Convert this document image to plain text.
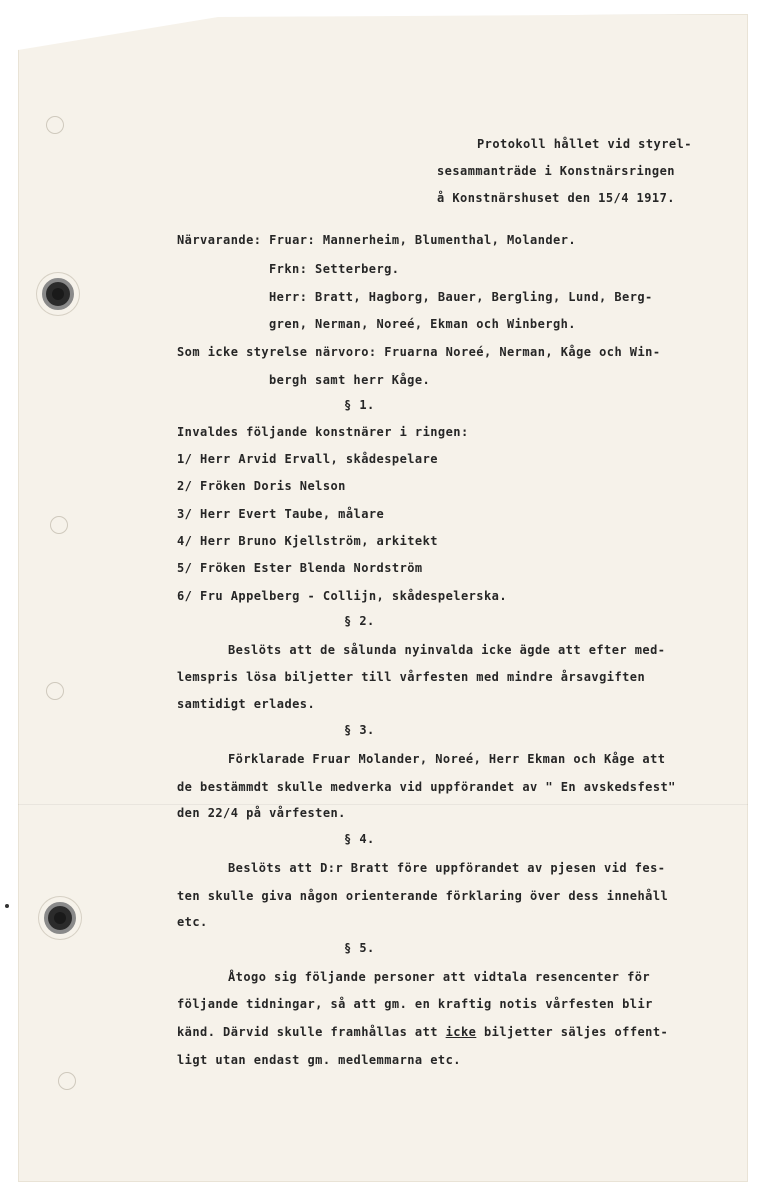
Protokoll hållet vid styrel-
sesammanträde i Konstnärsringen
å Konstnärshuset den 15/4 1917.
Närvarande: Fruar: Mannerheim, Blumenthal, Molander.
Frkn: Setterberg.
Herr: Bratt, Hagborg, Bauer, Bergling, Lund, Berg-
gren, Nerman, Noreé, Ekman och Winbergh.
Som icke styrelse närvoro: Fruarna Noreé, Nerman, Kåge och Win-
bergh samt herr Kåge.
§ 1.
Invaldes följande konstnärer i ringen:
1/ Herr Arvid Ervall, skådespelare
2/ Fröken Doris Nelson
3/ Herr Evert Taube, målare
4/ Herr Bruno Kjellström, arkitekt
5/ Fröken Ester Blenda Nordström
6/ Fru Appelberg - Collijn, skådespelerska.
§ 2.
Beslöts att de sålunda nyinvalda icke ägde att efter med-
lemspris lösa biljetter till vårfesten med mindre årsavgiften
samtidigt erlades.
§ 3.
Förklarade Fruar Molander, Noreé, Herr Ekman och Kåge att
de bestämmdt skulle medverka vid uppförandet av " En avskedsfest"
den 22/4 på vårfesten.
§ 4.
Beslöts att D:r Bratt före uppförandet av pjesen vid fes-
ten skulle giva någon orienterande förklaring över dess innehåll
etc.
§ 5.
Åtogo sig följande personer att vidtala resencenter för
följande tidningar, så att gm. en kraftig notis vårfesten blir
känd. Därvid skulle framhållas att icke biljetter säljes offent-
ligt utan endast gm. medlemmarna etc.
